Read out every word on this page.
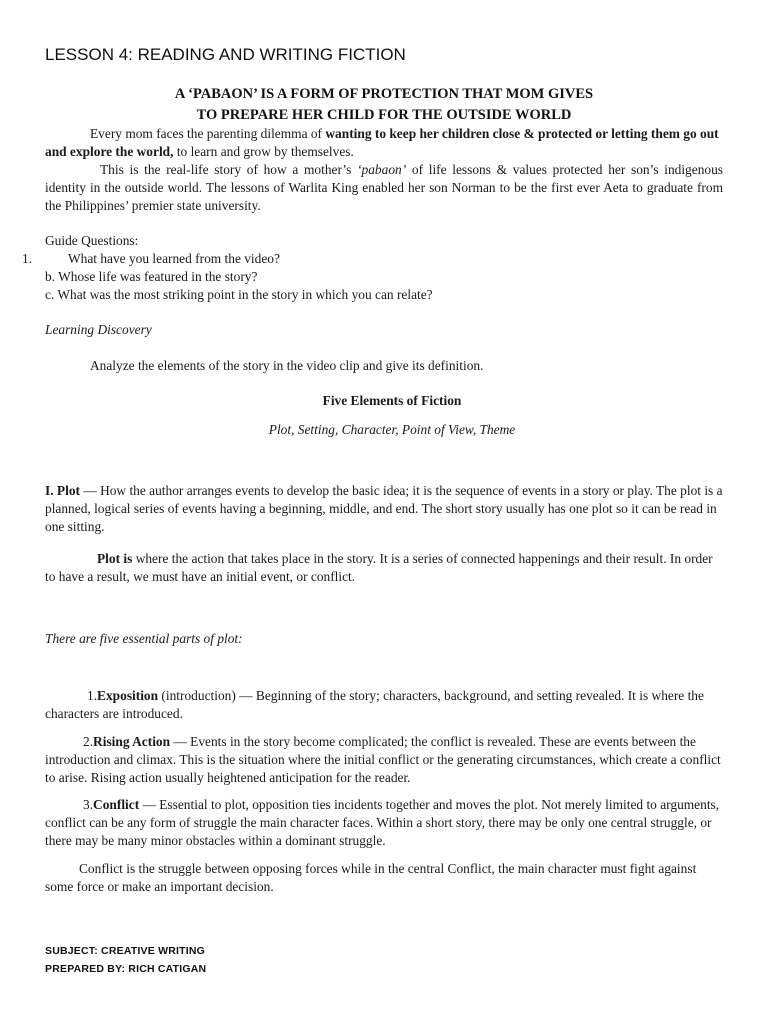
LESSON 4: READING AND WRITING FICTION

A ‘PABAON’ IS A FORM OF PROTECTION THAT MOM GIVES

TO PREPARE HER CHILD FOR THE OUTSIDE WORLD

Every mom faces the parenting dilemma of wanting to keep her children close & protected or letting them go out and explore the world, to learn and grow by themselves.

This is the real-life story of how a mother’s ‘pabaon’ of life lessons & values protected her son’s indigenous identity in the outside world. The lessons of Warlita King enabled her son Norman to be the first ever Aeta to graduate from the Philippines’ premier state university.

Guide Questions:

1.	What have you learned from the video?

b. Whose life was featured in the story?

c. What was the most striking point in the story in which you can relate?

Learning Discovery

Analyze the elements of the story in the video clip and give its definition.

Five Elements of Fiction

Plot, Setting, Character, Point of View, Theme

I. Plot — How the author arranges events to develop the basic idea; it is the sequence of events in a story or play. The plot is a planned, logical series of events having a beginning, middle, and end. The short story usually has one plot so it can be read in one sitting.

Plot is where the action that takes place in the story. It is a series of connected happenings and their result. In order to have a result, we must have an initial event, or conflict.

There are five essential parts of plot:

1.Exposition (introduction) — Beginning of the story; characters, background, and setting revealed. It is where the characters are introduced.

2.Rising Action — Events in the story become complicated; the conflict is revealed. These are events between the introduction and climax. This is the situation where the initial conflict or the generating circumstances, which create a conflict to arise. Rising action usually heightened anticipation for the reader.

3.Conflict — Essential to plot, opposition ties incidents together and moves the plot. Not merely limited to arguments, conflict can be any form of struggle the main character faces. Within a short story, there may be only one central struggle, or there may be many minor obstacles within a dominant struggle.

Conflict is the struggle between opposing forces while in the central Conflict, the main character must fight against some force or make an important decision.

SUBJECT: CREATIVE WRITING

PREPARED BY: RICH CATIGAN
